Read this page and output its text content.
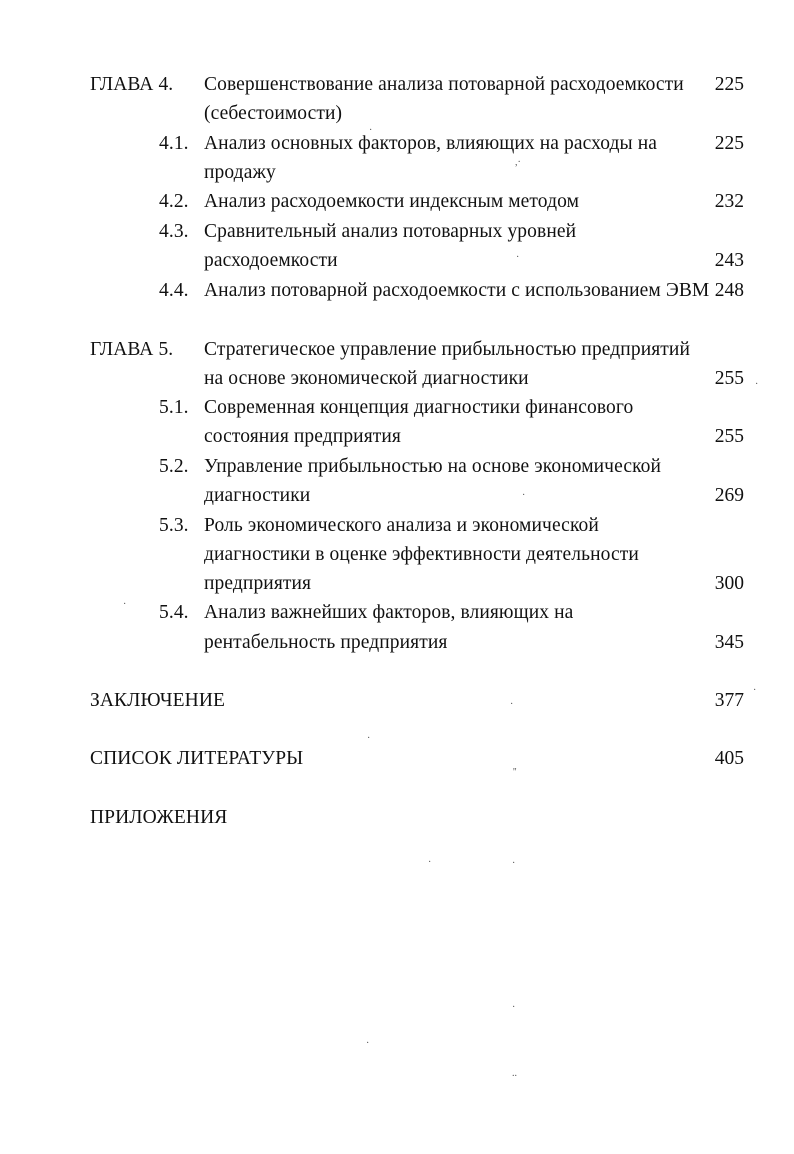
ГЛАВА 4. Совершенствование анализа потоварной расходоемкости 225
(себестоимости)
4.1. Анализ основных факторов, влияющих на расходы на	225
продажу
4.2. Анализ расходоемкости индексным методом	232
4.3. Сравнительный анализ потоварных уровней
расходоемкости	243
4.4. Анализ потоварной расходоемкости с использованием ЭВМ 248
ГЛАВА 5. Стратегическое управление прибыльностью предприятий
на основе экономической диагностики	255
5.1. Современная концепция диагностики финансового
состояния предприятия	255
5.2. Управление прибыльностью на основе экономической
диагностики	269
5.3. Роль экономического анализа и экономической
диагностики в оценке эффективности деятельности
предприятия	300
5.4. Анализ важнейших факторов, влияющих на
рентабельность предприятия	345
ЗАКЛЮЧЕНИЕ	377
СПИСОК ЛИТЕРАТУРЫ	405
ПРИЛОЖЕНИЯ
·
,·
·
·
·
·
·
·
·
''
·	·
·
·
..
